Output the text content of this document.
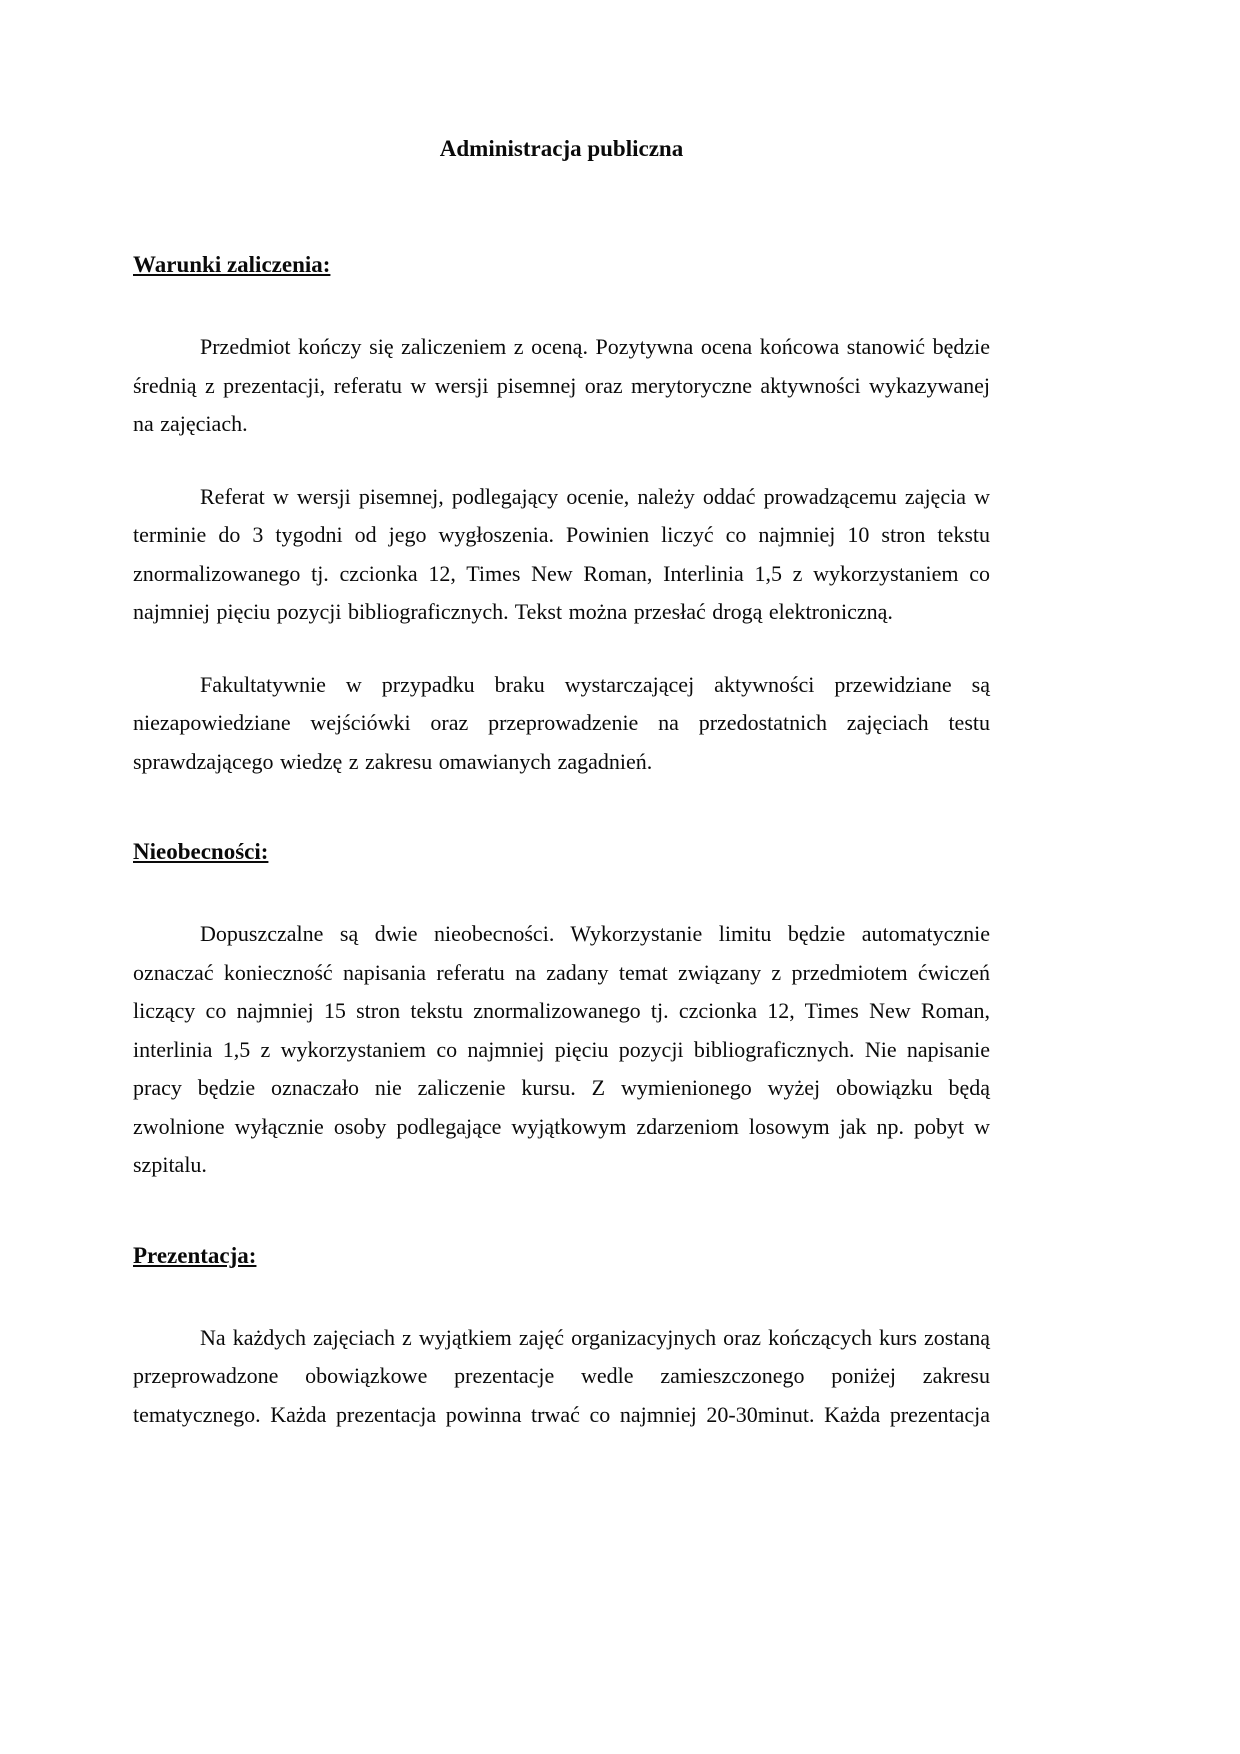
Administracja publiczna
Warunki zaliczenia:

Przedmiot kończy się zaliczeniem z oceną. Pozytywna ocena końcowa stanowić będzie średnią z prezentacji, referatu w wersji pisemnej oraz merytoryczne aktywności wykazywanej na zajęciach.

Referat w wersji pisemnej, podlegający ocenie, należy oddać prowadzącemu zajęcia w terminie do 3 tygodni od jego wygłoszenia. Powinien liczyć co najmniej 10 stron tekstu znormalizowanego tj. czcionka 12, Times New Roman, Interlinia 1,5 z wykorzystaniem co najmniej pięciu pozycji bibliograficznych. Tekst można przesłać drogą elektroniczną.

Fakultatywnie w przypadku braku wystarczającej aktywności przewidziane są niezapowiedziane wejściówki oraz przeprowadzenie na przedostatnich zajęciach testu sprawdzającego wiedzę z zakresu omawianych zagadnień.

Nieobecności:

Dopuszczalne są dwie nieobecności. Wykorzystanie limitu będzie automatycznie oznaczać konieczność napisania referatu na zadany temat związany z przedmiotem ćwiczeń liczący co najmniej 15 stron tekstu znormalizowanego tj. czcionka 12, Times New Roman, interlinia 1,5 z wykorzystaniem co najmniej pięciu pozycji bibliograficznych. Nie napisanie pracy będzie oznaczało nie zaliczenie kursu. Z wymienionego wyżej obowiązku będą zwolnione wyłącznie osoby podlegające wyjątkowym zdarzeniom losowym jak np. pobyt w szpitalu.

Prezentacja:

Na każdych zajęciach z wyjątkiem zajęć organizacyjnych oraz kończących kurs zostaną przeprowadzone obowiązkowe prezentacje wedle zamieszczonego poniżej zakresu tematycznego. Każda prezentacja powinna trwać co najmniej 20-30minut. Każda prezentacja
